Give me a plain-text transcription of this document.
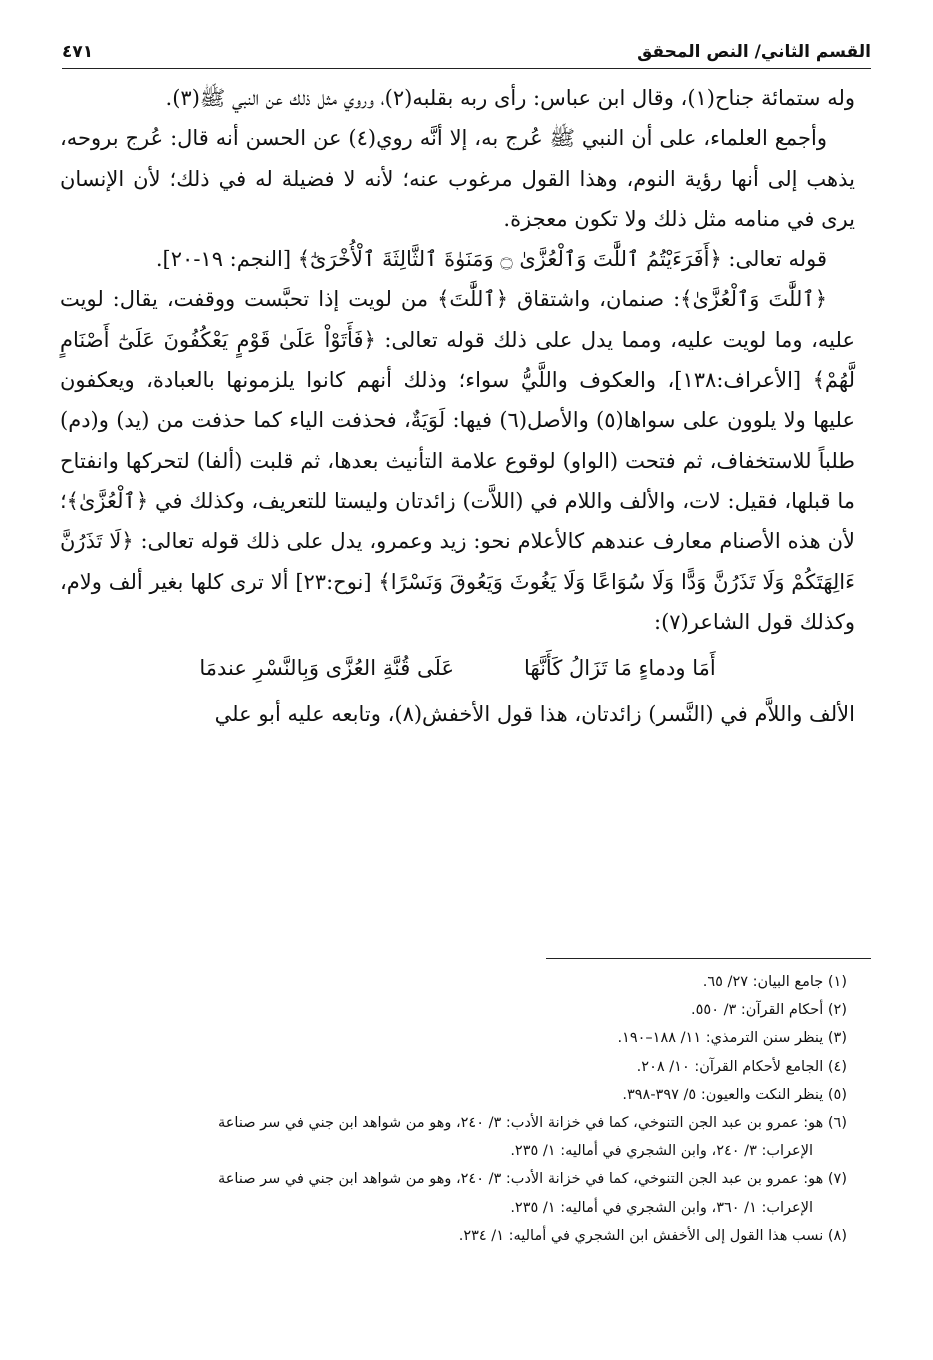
القسم الثاني/ النص المحقق
٤٧١

وله ستمائة جناح(١)، وقال ابن عباس: رأى ربه بقلبه(٢)، وروي مثل ذلك عن النبي ﷺ(٣).

وأجمع العلماء، على أن النبي ﷺ عُرج به، إلا أنَّه روي(٤) عن الحسن أنه قال: عُرج بروحه، يذهب إلى أنها رؤية النوم، وهذا القول مرغوب عنه؛ لأنه لا فضيلة له في ذلك؛ لأن الإنسان يرى في منامه مثل ذلك ولا تكون معجزة.

قوله تعالى: ﴿أَفَرَءَيْتُمُ ٱللَّٰتَ وَٱلْعُزَّىٰ ۝ وَمَنَوٰةَ ٱلثَّالِثَةَ ٱلْأُخْرَىٰٓ﴾ [النجم: ١٩-٢٠].

﴿ٱللَّٰتَ وَٱلْعُزَّىٰ﴾: صنمان، واشتقاق ﴿ٱللَّٰتَ﴾ من لويت إذا تحبَّست ووقفت، يقال: لويت عليه، وما لويت عليه، ومما يدل على ذلك قوله تعالى: ﴿فَأَتَوْاْ عَلَىٰ قَوْمٍ يَعْكُفُونَ عَلَىٰٓ أَصْنَامٍ لَّهُمْ﴾ [الأعراف:١٣٨]، والعكوف واللَّيُّ سواء؛ وذلك أنهم كانوا يلزمونها بالعبادة، ويعكفون عليها ولا يلوون على سواها(٥) والأصل(٦) فيها: لَوَيَةٌ، فحذفت الياء كما حذفت من (يد) و(دم) طلباً للاستخفاف، ثم فتحت (الواو) لوقوع علامة التأنيث بعدها، ثم قلبت (ألفا) لتحركها وانفتاح ما قبلها، فقيل: لات، والألف واللام في (اللاَّت) زائدتان وليستا للتعريف، وكذلك في ﴿ٱلْعُزَّىٰ﴾؛ لأن هذه الأصنام معارف عندهم كالأعلام نحو: زيد وعمرو، يدل على ذلك قوله تعالى: ﴿لَا تَذَرُنَّ ءَالِهَتَكُمْ وَلَا تَذَرُنَّ وَدًّا وَلَا سُوَاعًا وَلَا يَغُوثَ وَيَعُوقَ وَنَسْرًا﴾ [نوح:٢٣] ألا ترى كلها بغير ألف ولام، وكذلك قول الشاعر(٧):

أَمَا ودماءٍ مَا تَزَالُ كَأَنَّهَا
عَلَى قُنَّةِ العُزَّى وَبِالنَّسْرِ عندمَا

الألف واللاَّم في (النَّسر) زائدتان، هذا قول الأخفش(٨)، وتابعه عليه أبو علي

(١) جامع البيان: ٢٧/ ٦٥.

(٢) أحكام القرآن: ٣/ ٥٥٠.

(٣) ينظر سنن الترمذي: ١١/ ١٨٨–١٩٠.

(٤) الجامع لأحكام القرآن: ١٠/ ٢٠٨.

(٥) ينظر النكت والعيون: ٥/ ٣٩٧-٣٩٨.

(٦) هو: عمرو بن عبد الجن التنوخي، كما في خزانة الأدب: ٣/ ٢٤٠، وهو من شواهد ابن جني في سر صناعة

الإعراب: ٣/ ٢٤٠، وابن الشجري في أماليه: ١/ ٢٣٥.

(٧) هو: عمرو بن عبد الجن التنوخي، كما في خزانة الأدب: ٣/ ٢٤٠، وهو من شواهد ابن جني في سر صناعة

الإعراب: ١/ ٣٦٠، وابن الشجري في أماليه: ١/ ٢٣٥.

(٨) نسب هذا القول إلى الأخفش ابن الشجري في أماليه: ١/ ٢٣٤.
